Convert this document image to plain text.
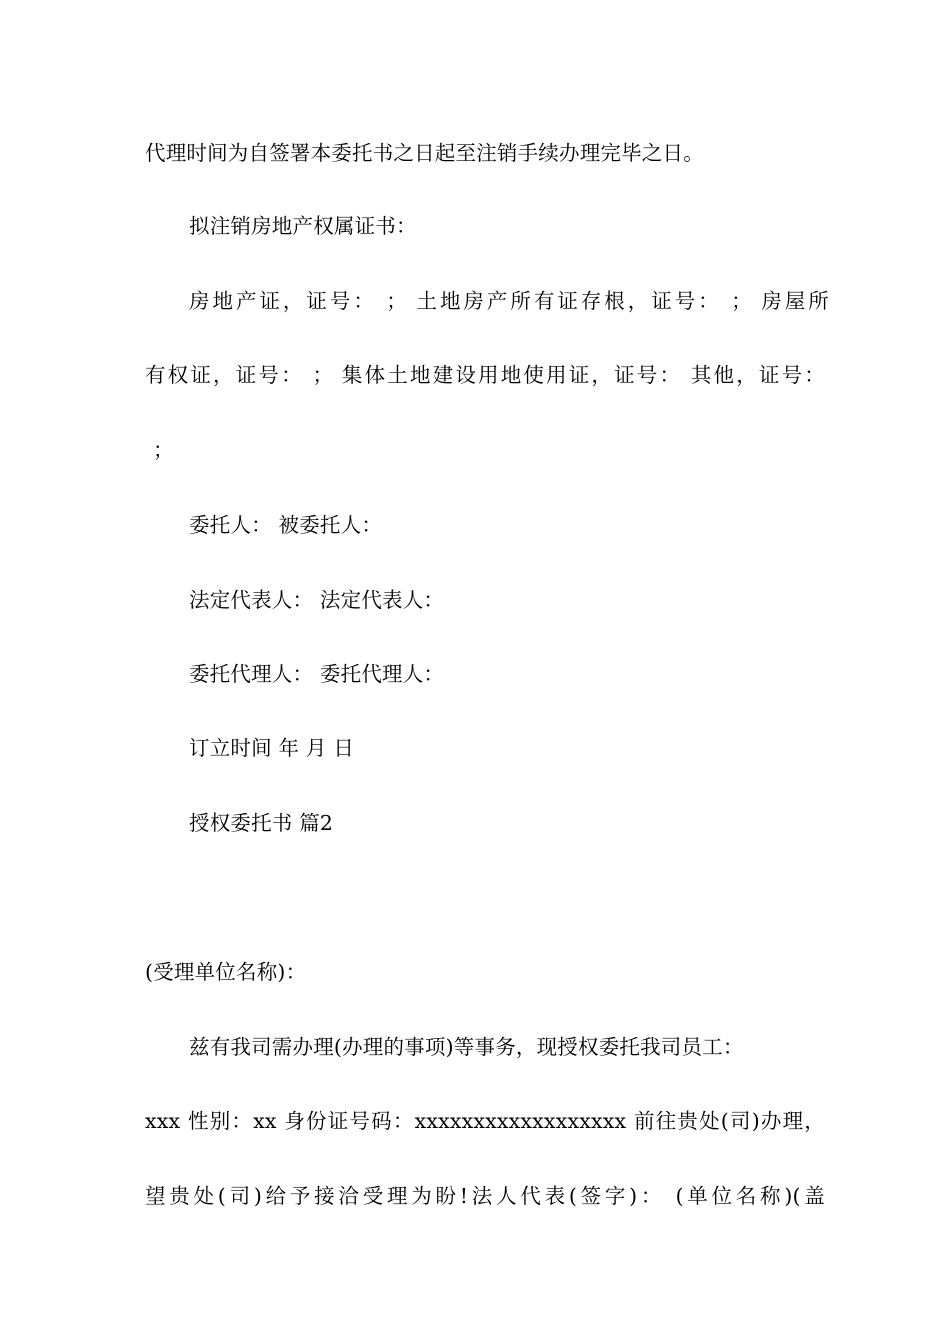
代理时间为自签署本委托书之日起至注销手续办理完毕之日。
拟注销房地产权属证书：
房地产证，证号： ； 土地房产所有证存根，证号： ； 房屋所
有权证，证号： ； 集体土地建设用地使用证，证号： 其他，证号：
；
委托人： 被委托人：
法定代表人： 法定代表人：
委托代理人： 委托代理人：
订立时间 年 月 日
授权委托书 篇2
(受理单位名称)：
兹有我司需办理(办理的事项)等事务，现授权委托我司员工：
xxx 性别：xx 身份证号码：xxxxxxxxxxxxxxxxxx 前往贵处(司)办理，
望贵处(司)给予接洽受理为盼!法人代表(签字)： (单位名称)(盖
